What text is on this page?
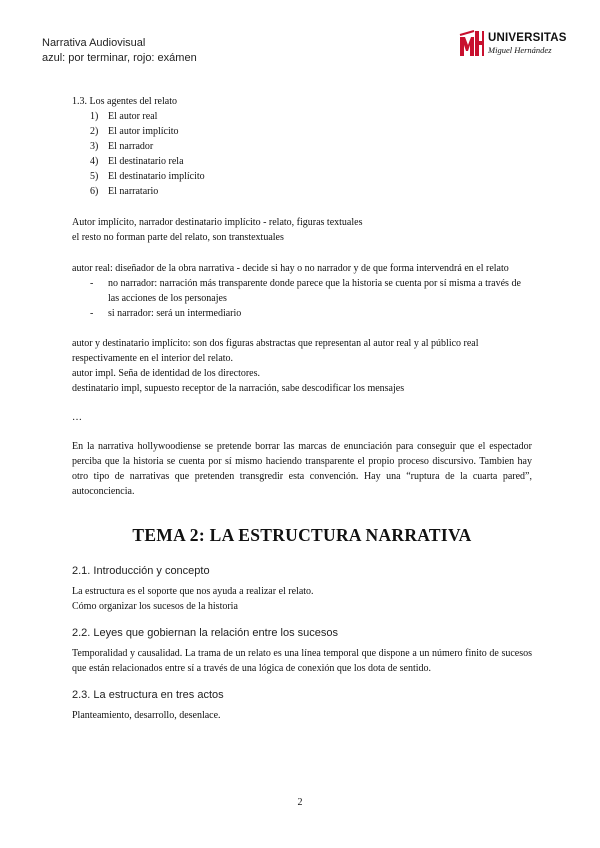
Narrativa Audiovisual
azul: por terminar, rojo: exámen
UNIVERSITAS
Miguel Hernández

1.3. Los agentes del relato

1) El autor real
2) El autor implícito
3) El narrador
4) El destinatario rela
5) El destinatario implícito
6) El narratario

Autor implícito, narrador destinatario implícito - relato, figuras textuales

el resto no forman parte del relato, son transtextuales

autor real: diseñador de la obra narrativa - decide si hay o no narrador y de que forma intervendrá en el relato

- no narrador: narración más transparente donde parece que la historia se cuenta por sí misma a través de las acciones de los personajes
- si narrador: será un intermediario

autor y destinatario implícito: son dos figuras abstractas que representan al autor real y al público real respectivamente en el interior del relato.

autor impl. Seña de identidad de los directores.

destinatario impl, supuesto receptor de la narración, sabe descodificar los mensajes

…

En la narrativa hollywoodiense se pretende borrar las marcas de enunciación para conseguir que el espectador perciba que la historia se cuenta por sí mismo haciendo transparente el propio proceso discursivo. Tambien hay otro tipo de narrativas que pretenden transgredir esta convención. Hay una “ruptura de la cuarta pared”, autoconciencia.

TEMA 2: LA ESTRUCTURA NARRATIVA

2.1. Introducción y concepto

La estructura es el soporte que nos ayuda a realizar el relato.

Cómo organizar los sucesos de la historia

2.2. Leyes que gobiernan la relación entre los sucesos

Temporalidad y causalidad. La trama de un relato es una línea temporal que dispone a un número finito de sucesos que están relacionados entre sí a través de una lógica de conexión que los dota de sentido.

2.3. La estructura en tres actos

Planteamiento, desarrollo, desenlace.

2
